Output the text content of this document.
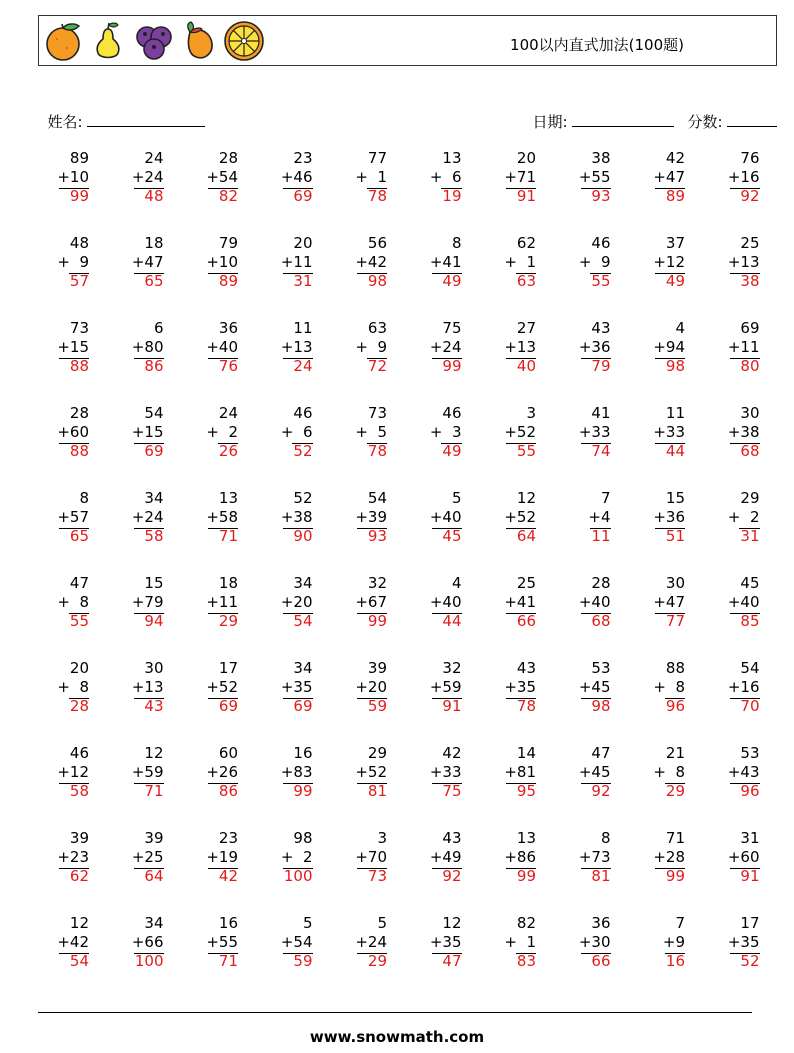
100以内直式加法(100题)

姓名:	日期:	分数:

89
+10
99
24
+24
48
28
+54
82
23
+46
69
77
+  1
78
13
+  6
19
20
+71
91
38
+55
93
42
+47
89
76
+16
92
48
+  9
57
18
+47
65
79
+10
89
20
+11
31
56
+42
98
8
+41
49
62
+  1
63
46
+  9
55
37
+12
49
25
+13
38
73
+15
88
6
+80
86
36
+40
76
11
+13
24
63
+  9
72
75
+24
99
27
+13
40
43
+36
79
4
+94
98
69
+11
80
28
+60
88
54
+15
69
24
+  2
26
46
+  6
52
73
+  5
78
46
+  3
49
3
+52
55
41
+33
74
11
+33
44
30
+38
68
8
+57
65
34
+24
58
13
+58
71
52
+38
90
54
+39
93
5
+40
45
12
+52
64
7
+4
11
15
+36
51
29
+  2
31
47
+  8
55
15
+79
94
18
+11
29
34
+20
54
32
+67
99
4
+40
44
25
+41
66
28
+40
68
30
+47
77
45
+40
85
20
+  8
28
30
+13
43
17
+52
69
34
+35
69
39
+20
59
32
+59
91
43
+35
78
53
+45
98
88
+  8
96
54
+16
70
46
+12
58
12
+59
71
60
+26
86
16
+83
99
29
+52
81
42
+33
75
14
+81
95
47
+45
92
21
+  8
29
53
+43
96
39
+23
62
39
+25
64
23
+19
42
98
+  2
100
3
+70
73
43
+49
92
13
+86
99
8
+73
81
71
+28
99
31
+60
91
12
+42
54
34
+66
100
16
+55
71
5
+54
59
5
+24
29
12
+35
47
82
+  1
83
36
+30
66
7
+9
16
17
+35
52
www.snowmath.com
